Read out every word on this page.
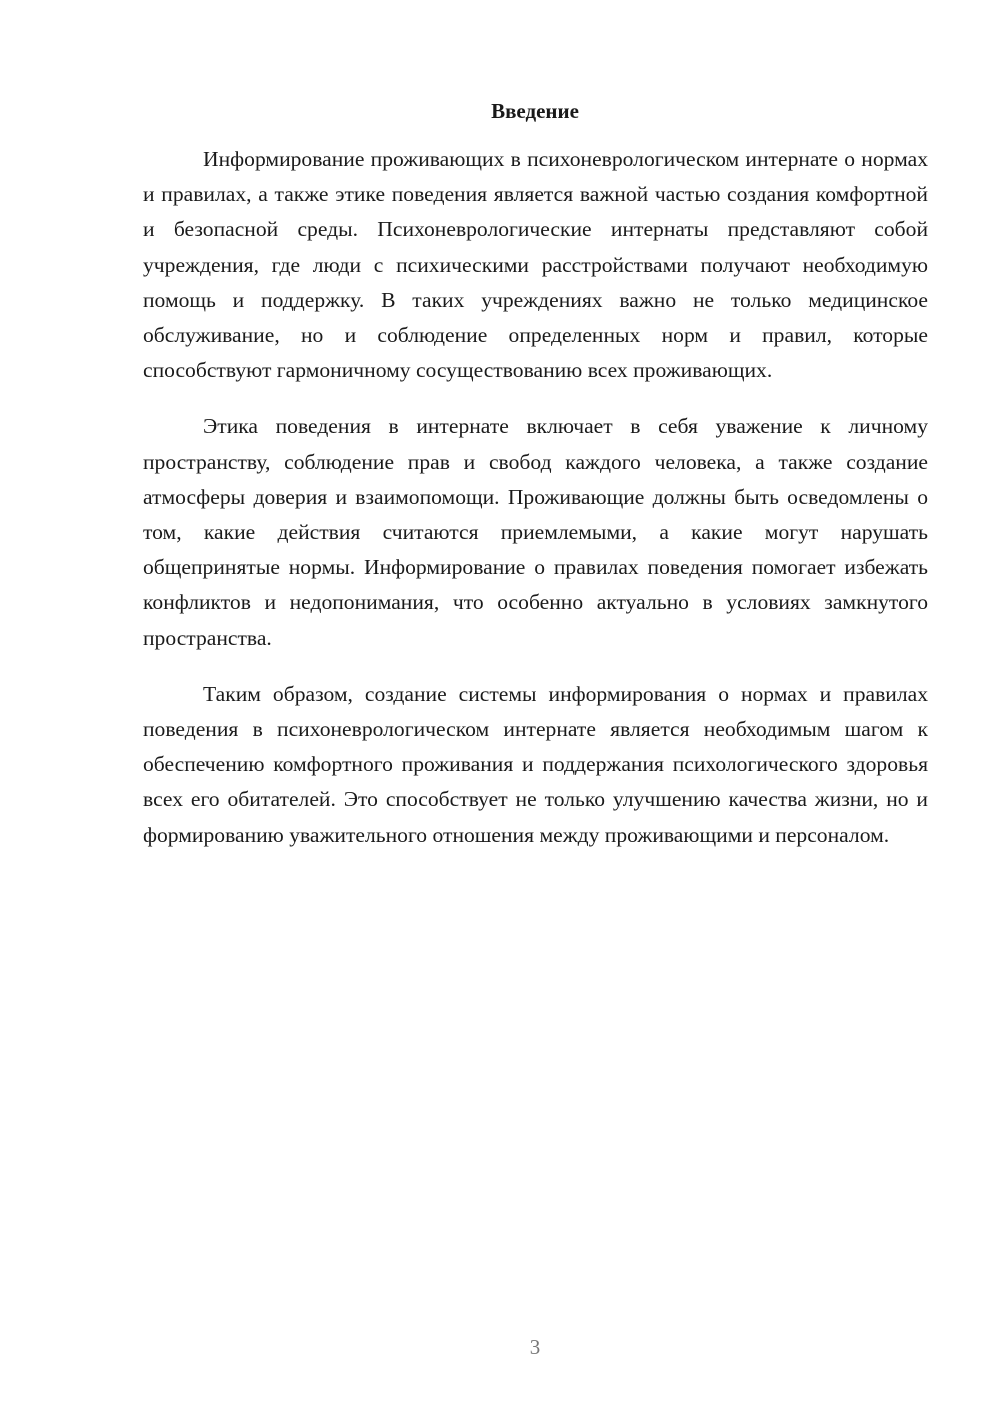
Введение

Информирование проживающих в психоневрологическом интернате о нормах и правилах, а также этике поведения является важной частью создания комфортной и безопасной среды. Психоневрологические интернаты представляют собой учреждения, где люди с психическими расстройствами получают необходимую помощь и поддержку. В таких учреждениях важно не только медицинское обслуживание, но и соблюдение определенных норм и правил, которые способствуют гармоничному сосуществованию всех проживающих.

Этика поведения в интернате включает в себя уважение к личному пространству, соблюдение прав и свобод каждого человека, а также создание атмосферы доверия и взаимопомощи. Проживающие должны быть осведомлены о том, какие действия считаются приемлемыми, а какие могут нарушать общепринятые нормы. Информирование о правилах поведения помогает избежать конфликтов и недопонимания, что особенно актуально в условиях замкнутого пространства.

Таким образом, создание системы информирования о нормах и правилах поведения в психоневрологическом интернате является необходимым шагом к обеспечению комфортного проживания и поддержания психологического здоровья всех его обитателей. Это способствует не только улучшению качества жизни, но и формированию уважительного отношения между проживающими и персоналом.

3
